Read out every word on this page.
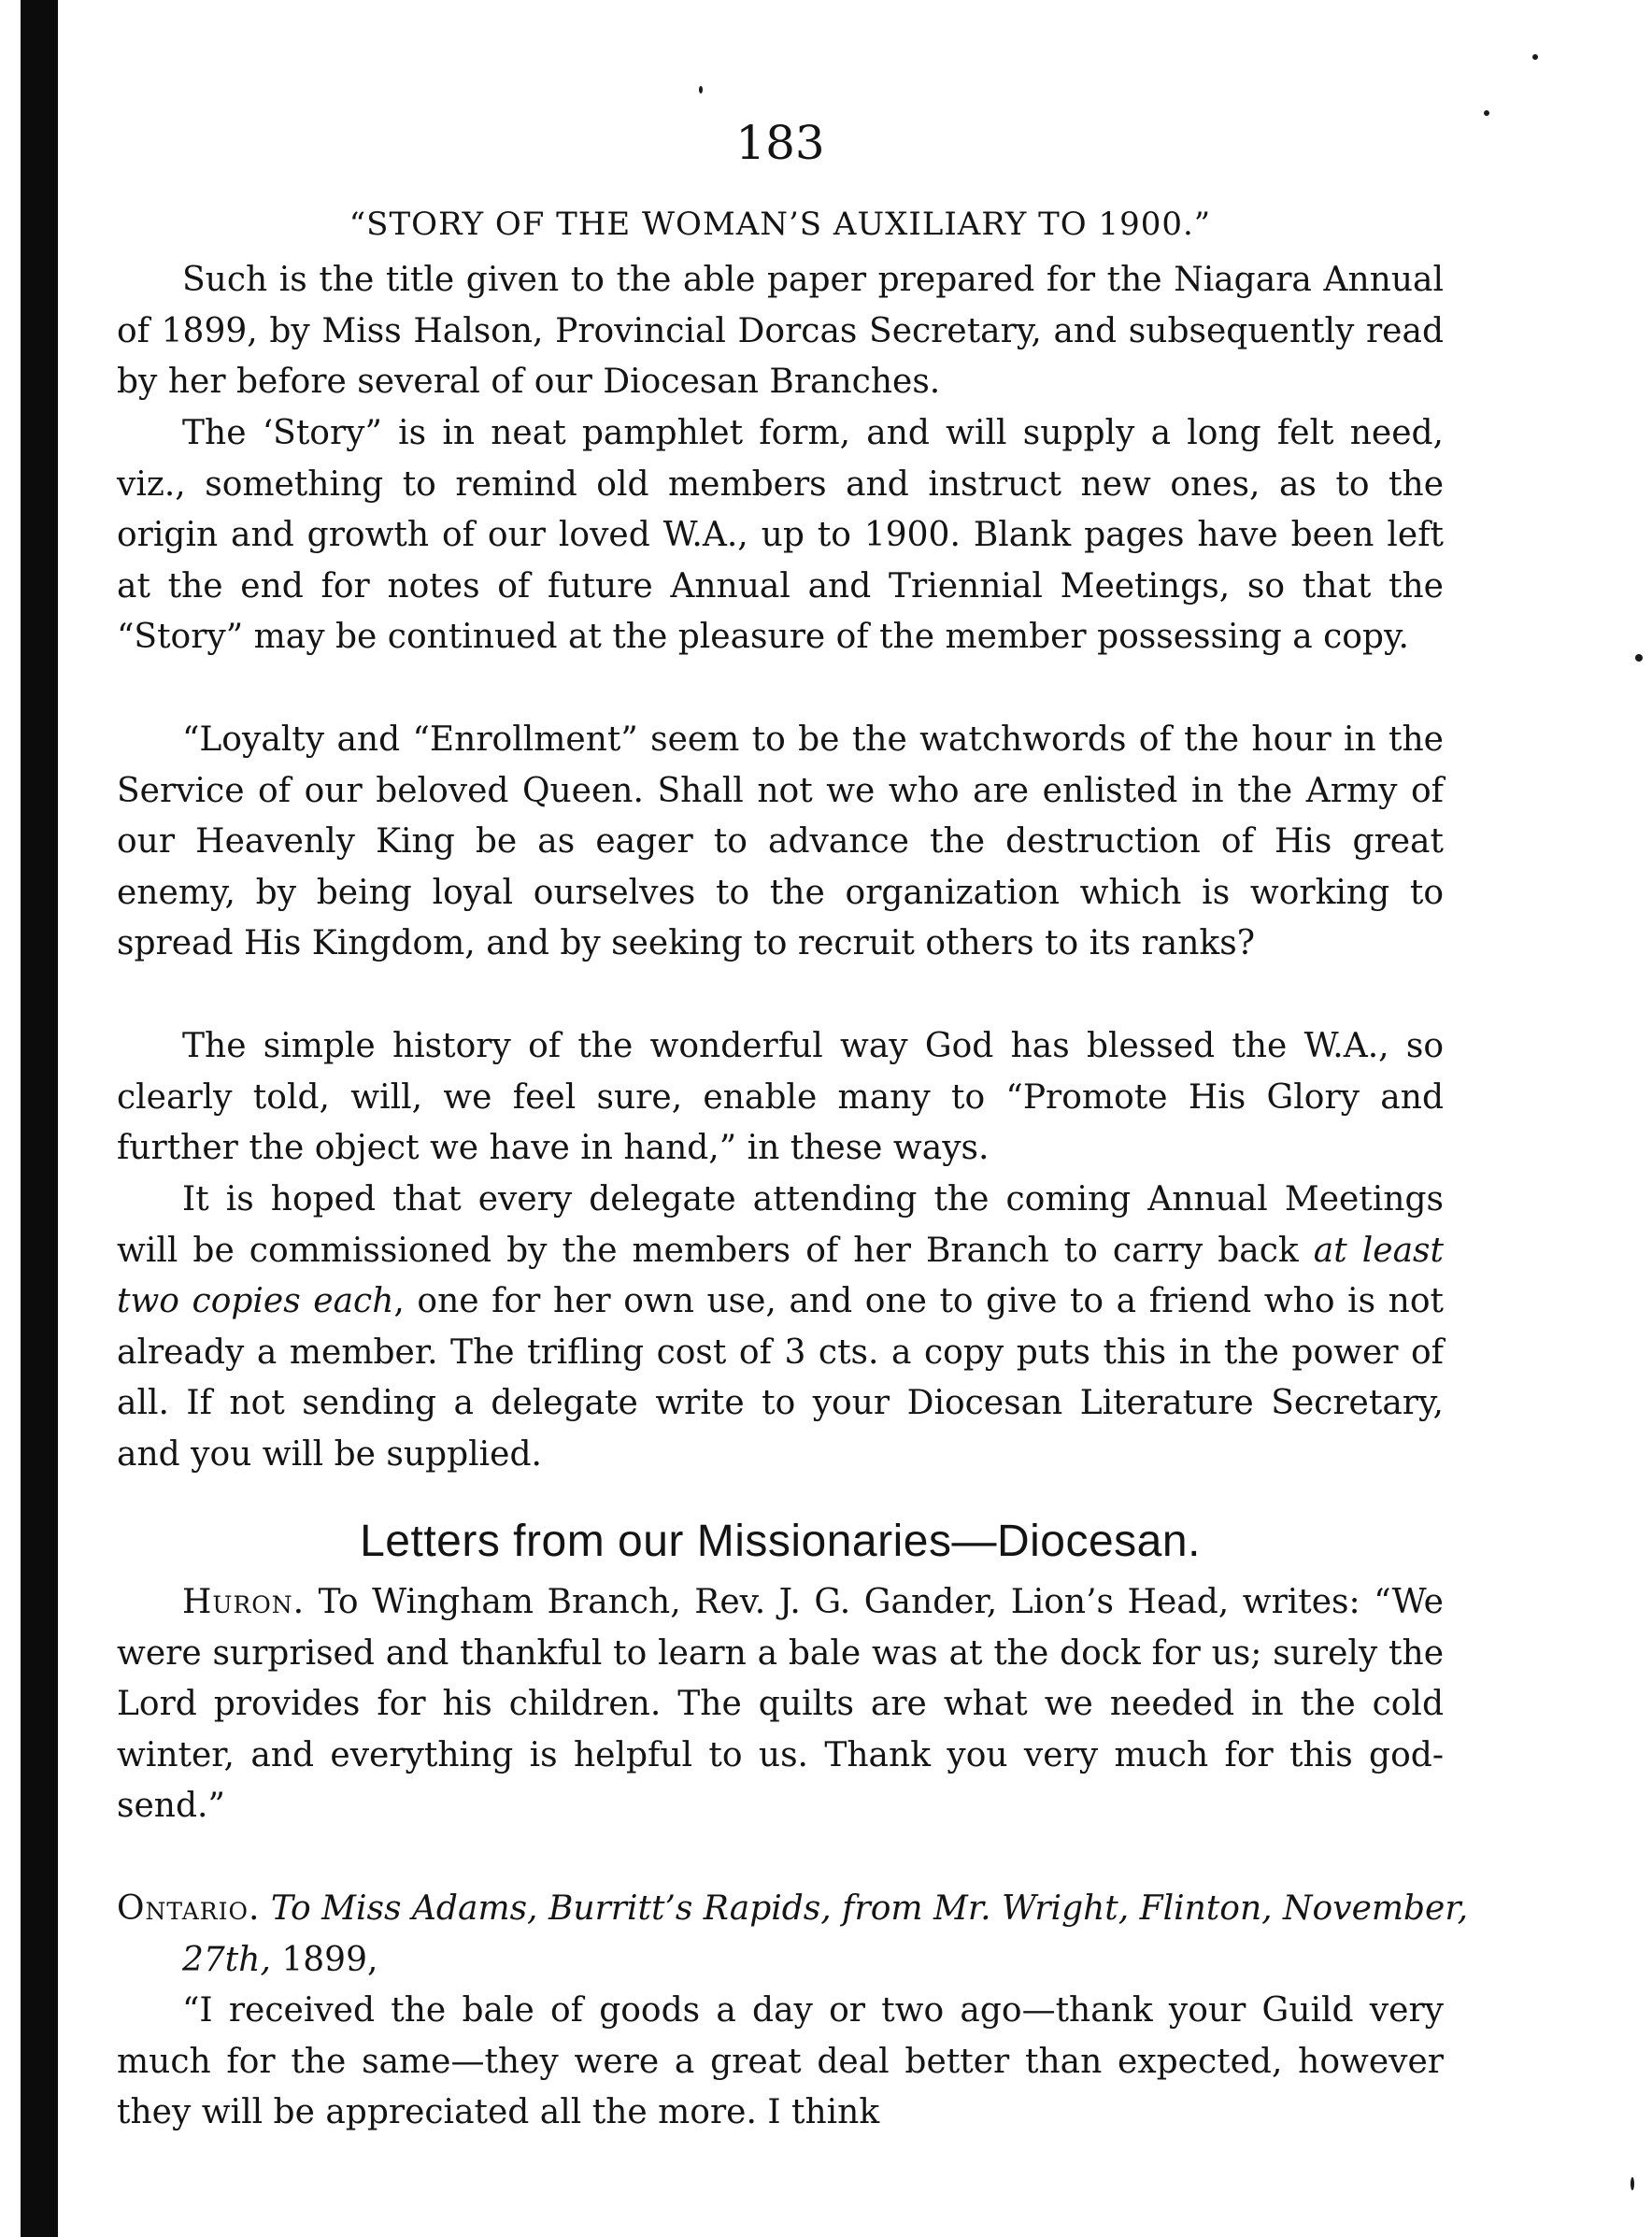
183
“STORY OF THE WOMAN’S AUXILIARY TO 1900.”

Such is the title given to the able paper prepared for the Niagara Annual of 1899, by Miss Halson, Provincial Dorcas Secretary, and subsequently read by her before several of our Diocesan Branches.

The ‘Story” is in neat pamphlet form, and will supply a long felt need, viz., something to remind old members and instruct new ones, as to the origin and growth of our loved W.A., up to 1900. Blank pages have been left at the end for notes of future Annual and Triennial Meetings, so that the “Story” may be continued at the pleasure of the member possessing a copy.

“Loyalty and “Enrollment” seem to be the watchwords of the hour in the Service of our beloved Queen. Shall not we who are enlisted in the Army of our Heavenly King be as eager to advance the destruction of His great enemy, by being loyal ourselves to the organization which is working to spread His Kingdom, and by seeking to recruit others to its ranks?

The simple history of the wonderful way God has blessed the W.A., so clearly told, will, we feel sure, enable many to “Promote His Glory and further the object we have in hand,” in these ways.

It is hoped that every delegate attending the coming Annual Meetings will be commissioned by the members of her Branch to carry back at least two copies each, one for her own use, and one to give to a friend who is not already a member. The trifling cost of 3 cts. a copy puts this in the power of all. If not sending a delegate write to your Diocesan Literature Secretary, and you will be supplied.

Letters from our Missionaries—Diocesan.

Huron. To Wingham Branch, Rev. J. G. Gander, Lion’s Head, writes: “We were surprised and thankful to learn a bale was at the dock for us; surely the Lord provides for his children. The quilts are what we needed in the cold winter, and everything is helpful to us. Thank you very much for this god-send.”

Ontario. To Miss Adams, Burritt’s Rapids, from Mr. Wright, Flinton, November, 27th, 1899,

“I received the bale of goods a day or two ago—thank your Guild very much for the same—they were a great deal better than expected, however they will be appreciated all the more. I think
